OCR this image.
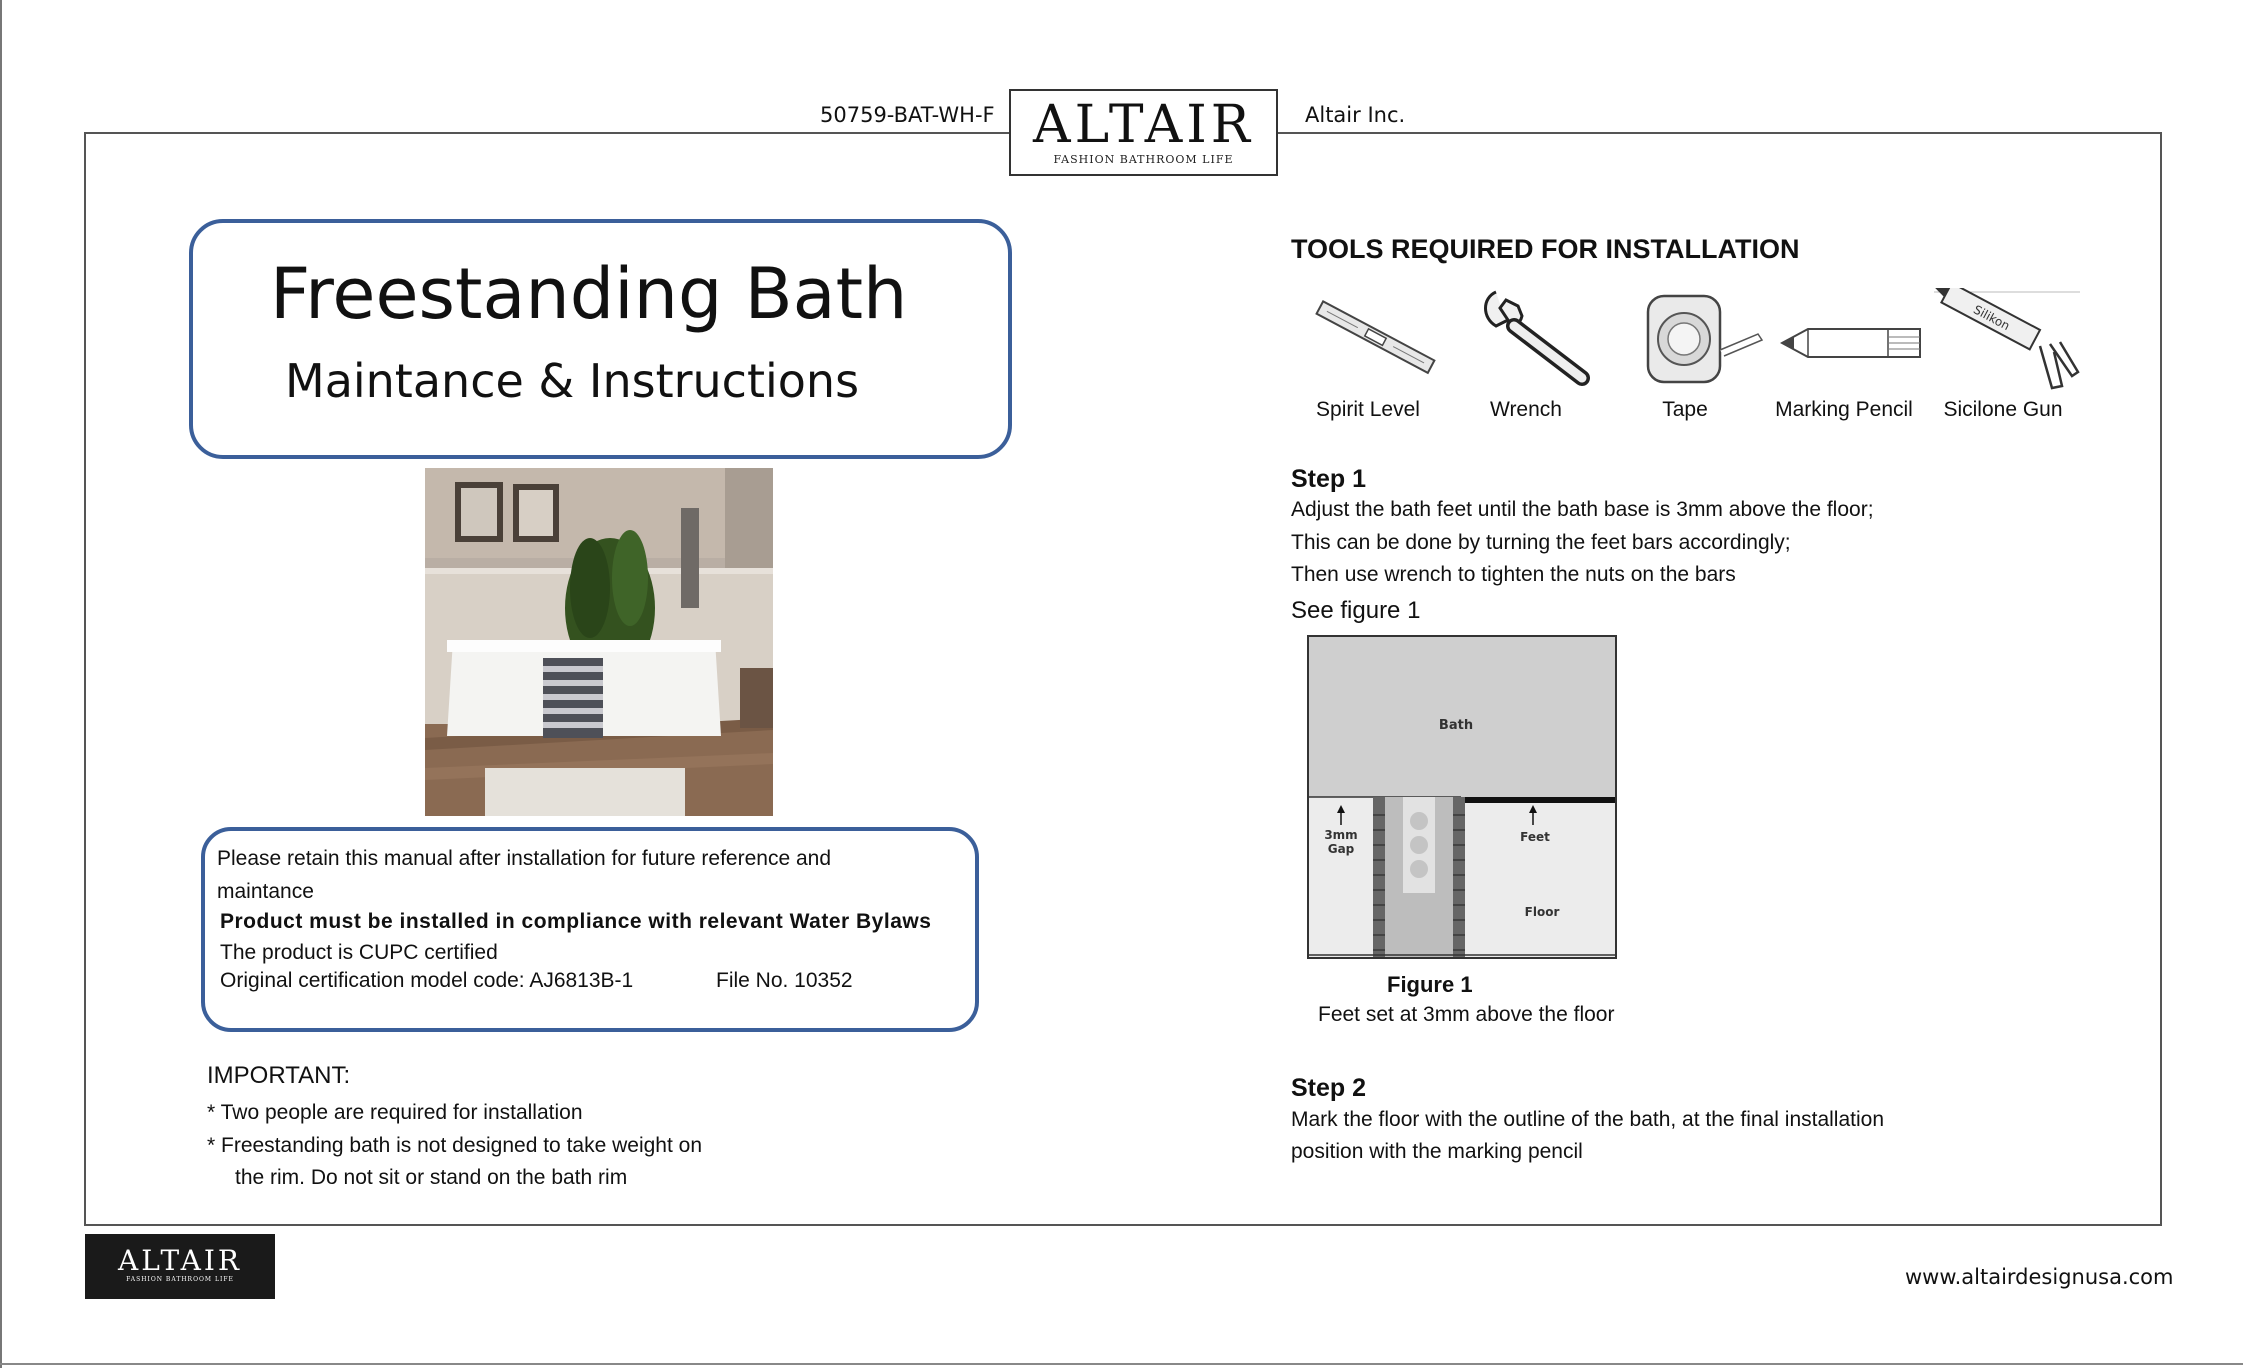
50759-BAT-WH-F ALTAIR
FASHION BATHROOM LIFE
Altair Inc.
Freestanding Bath
Maintance & Instructions
Please retain this manual after installation for future reference and
maintance
Product must be installed in compliance with relevant Water Bylaws
The product is CUPC certified
Original certification model code: AJ6813B-1	File No. 10352
IMPORTANT:
* Two people are required for installation
* Freestanding bath is not designed to take weight on
the rim. Do not sit or stand on the bath rim
TOOLS REQUIRED FOR INSTALLATION
Silikon
Spirit Level	Wrench	Tape	Marking Pencil	Sicilone Gun
Step 1
Adjust the bath feet until the bath base is 3mm above the floor;
This can be done by turning the feet bars accordingly;
Then use wrench to tighten the nuts on the bars
See figure 1
Bath
3mm
Gap
Feet
Floor
Figure 1
Feet set at 3mm above the floor
Step 2
Mark the floor with the outline of the bath, at the final installation
position with the marking pencil
ALTAIR
FASHION BATHROOM LIFE	www.altairdesignusa.com
